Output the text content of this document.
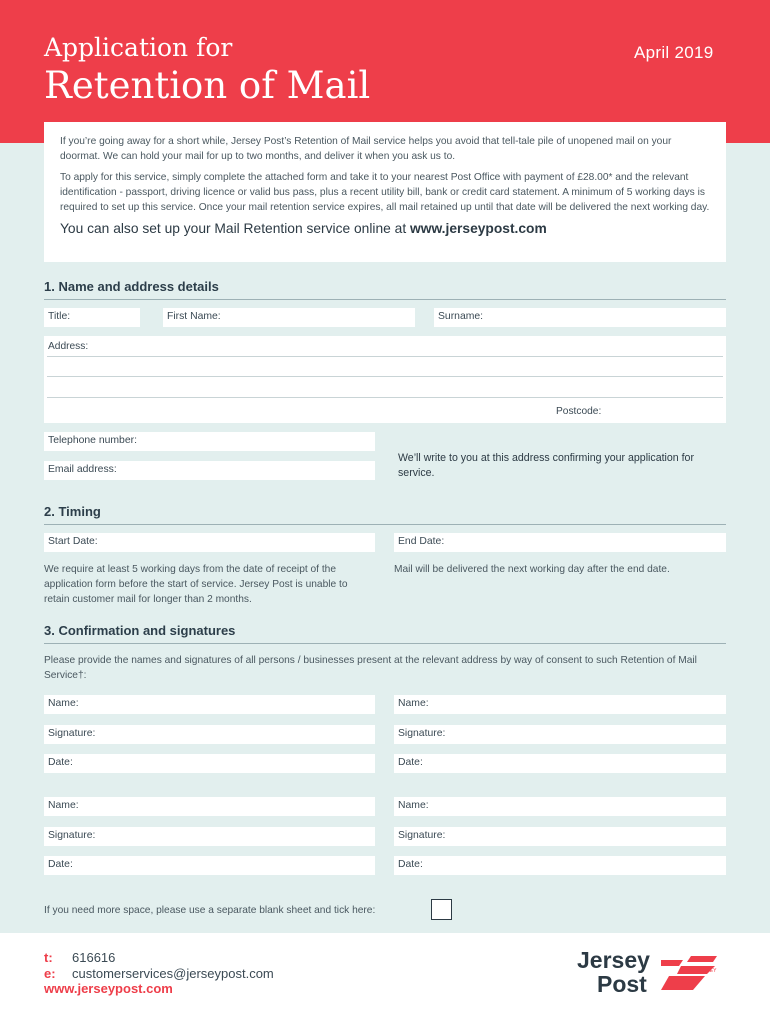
Application for
Retention of Mail
April 2019

If you’re going away for a short while, Jersey Post’s Retention of Mail service helps you avoid that tell-tale pile of unopened mail on your doormat. We can hold your mail for up to two months, and deliver it when you ask us to.

To apply for this service, simply complete the attached form and take it to your nearest Post Office with payment of £28.00* and the relevant identification - passport, driving licence or valid bus pass, plus a recent utility bill, bank or credit card statement. A minimum of 5 working days is required to set up this service. Once your mail retention service expires, all mail retained up until that date will be delivered the next working day.

You can also set up your Mail Retention service online at www.jerseypost.com

1. Name and address details
Title:	First Name:	Surname:
Address:
Postcode:
Telephone number:
Email address:
We’ll write to you at this address confirming your application for service.
2. Timing
Start Date:	End Date:
We require at least 5 working days from the date of receipt of the application form before the start of service. Jersey Post is unable to retain customer mail for longer than 2 months.
Mail will be delivered the next working day after the end date.
3. Confirmation and signatures
Please provide the names and signatures of all persons / businesses present at the relevant address by way of consent to such Retention of Mail Service†:
Name:	Name:
Signature:	Signature:
Date:	Date:
Name:	Name:
Signature:	Signature:
Date:	Date:
If you need more space, please use a separate blank sheet and tick here:
t: 616616
e: customerservices@jerseypost.com
www.jerseypost.com
Jersey
Post	JERSEY
